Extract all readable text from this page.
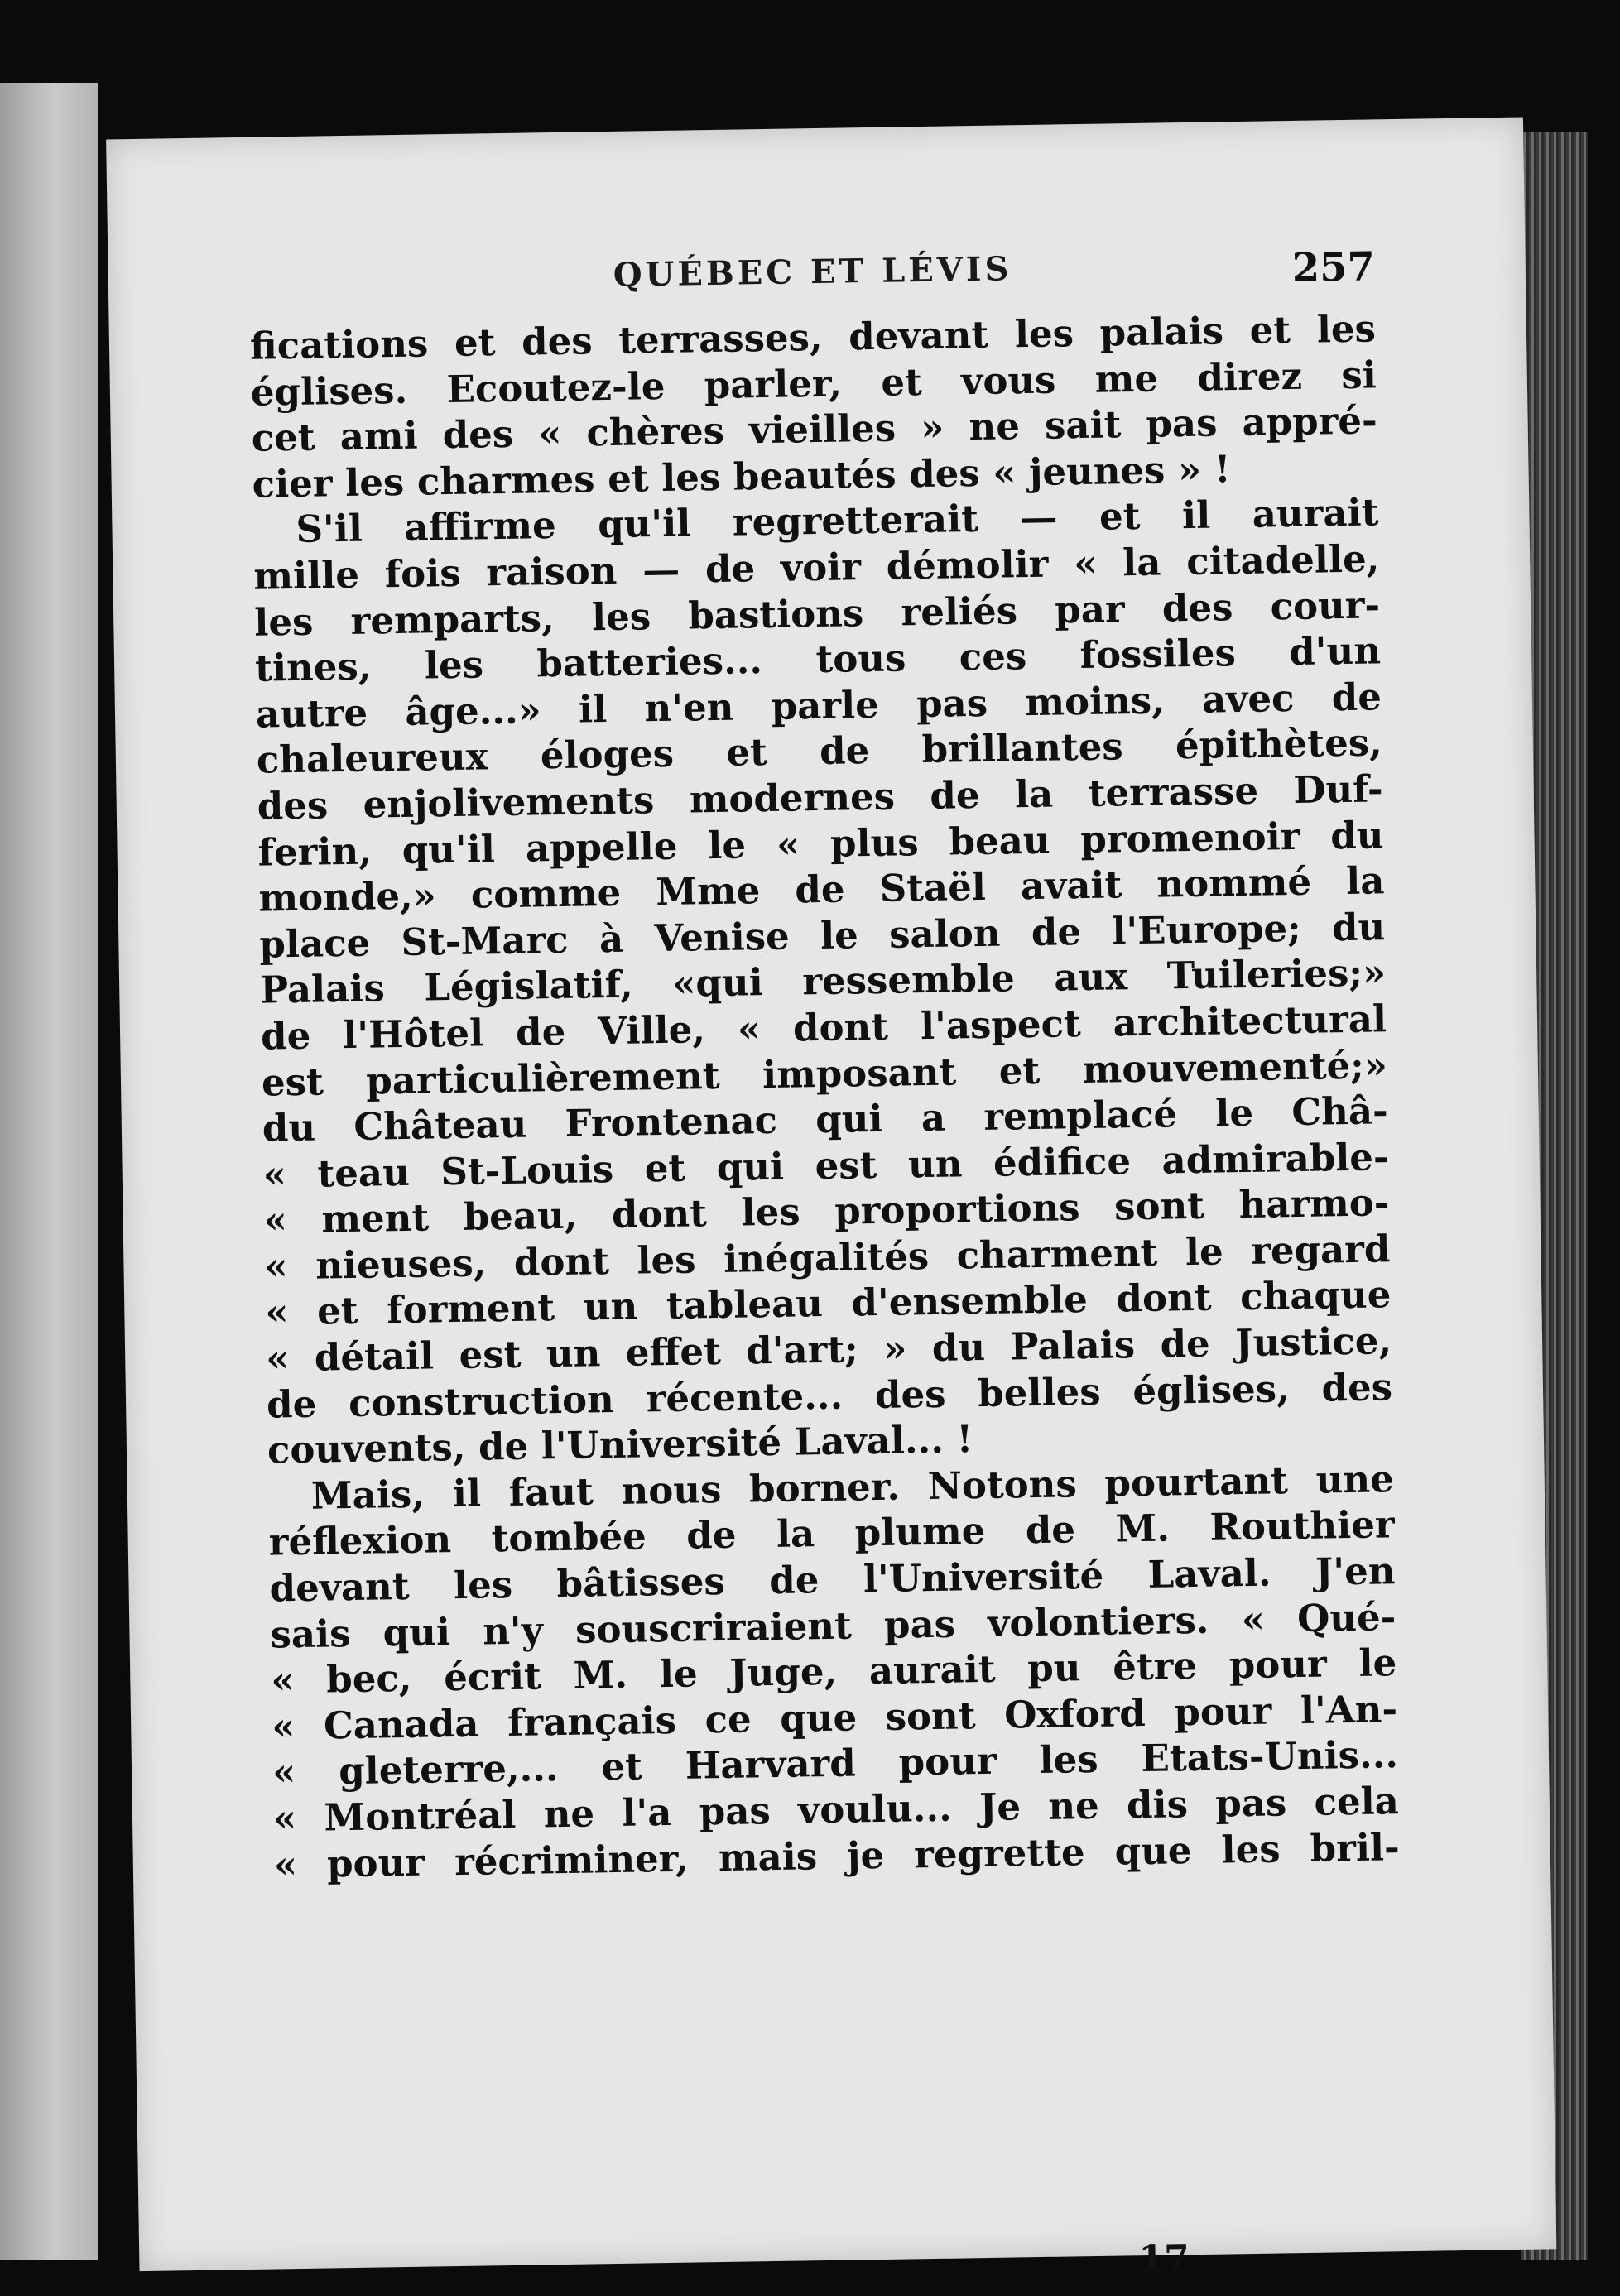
QUÉBEC ET LÉVIS	257
fications et des terrasses, devant les palais et les
églises. Ecoutez-le parler, et vous me direz si
cet ami des « chères vieilles » ne sait pas appré-
cier les charmes et les beautés des « jeunes » !
S'il affirme qu'il regretterait — et il aurait
mille fois raison — de voir démolir « la citadelle,
les remparts, les bastions reliés par des cour-
tines, les batteries... tous ces fossiles d'un
autre âge...» il n'en parle pas moins, avec de
chaleureux éloges et de brillantes épithètes,
des enjolivements modernes de la terrasse Duf-
ferin, qu'il appelle le « plus beau promenoir du
monde,» comme Mme de Staël avait nommé la
place St-Marc à Venise le salon de l'Europe; du
Palais Législatif, «qui ressemble aux Tuileries;»
de l'Hôtel de Ville, « dont l'aspect architectural
est particulièrement imposant et mouvementé;»
du Château Frontenac qui a remplacé le Châ-
« teau St-Louis et qui est un édifice admirable-
« ment beau, dont les proportions sont harmo-
« nieuses, dont les inégalités charment le regard
« et forment un tableau d'ensemble dont chaque
« détail est un effet d'art; » du Palais de Justice,
de construction récente... des belles églises, des
couvents, de l'Université Laval... !
Mais, il faut nous borner. Notons pourtant une
réflexion tombée de la plume de M. Routhier
devant les bâtisses de l'Université Laval. J'en
sais qui n'y souscriraient pas volontiers. « Qué-
« bec, écrit M. le Juge, aurait pu être pour le
« Canada français ce que sont Oxford pour l'An-
« gleterre,... et Harvard pour les Etats-Unis...
« Montréal ne l'a pas voulu... Je ne dis pas cela
« pour récriminer, mais je regrette que les bril-
17
